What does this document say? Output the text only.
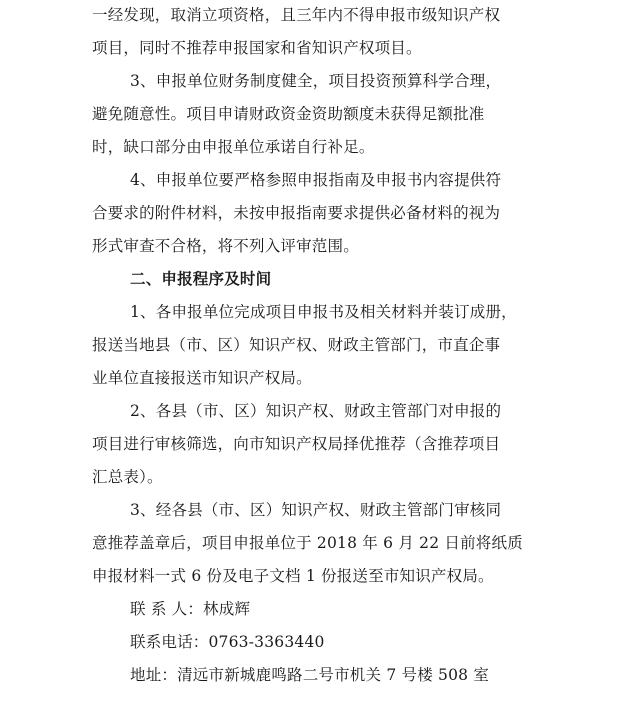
一经发现，取消立项资格，且三年内不得申报市级知识产权
项目，同时不推荐申报国家和省知识产权项目。
3、申报单位财务制度健全，项目投资预算科学合理，
避免随意性。项目申请财政资金资助额度未获得足额批准
时，缺口部分由申报单位承诺自行补足。
4、申报单位要严格参照申报指南及申报书内容提供符
合要求的附件材料，未按申报指南要求提供必备材料的视为
形式审查不合格，将不列入评审范围。
二、申报程序及时间
1、各申报单位完成项目申报书及相关材料并装订成册，
报送当地县（市、区）知识产权、财政主管部门，市直企事
业单位直接报送市知识产权局。
2、各县（市、区）知识产权、财政主管部门对申报的
项目进行审核筛选，向市知识产权局择优推荐（含推荐项目
汇总表）。
3、经各县（市、区）知识产权、财政主管部门审核同
意推荐盖章后，项目申报单位于 2018 年 6 月 22 日前将纸质
申报材料一式 6 份及电子文档 1 份报送至市知识产权局。
联 系 人：林成辉
联系电话：0763-3363440
地址：清远市新城鹿鸣路二号市机关 7 号楼 508 室
